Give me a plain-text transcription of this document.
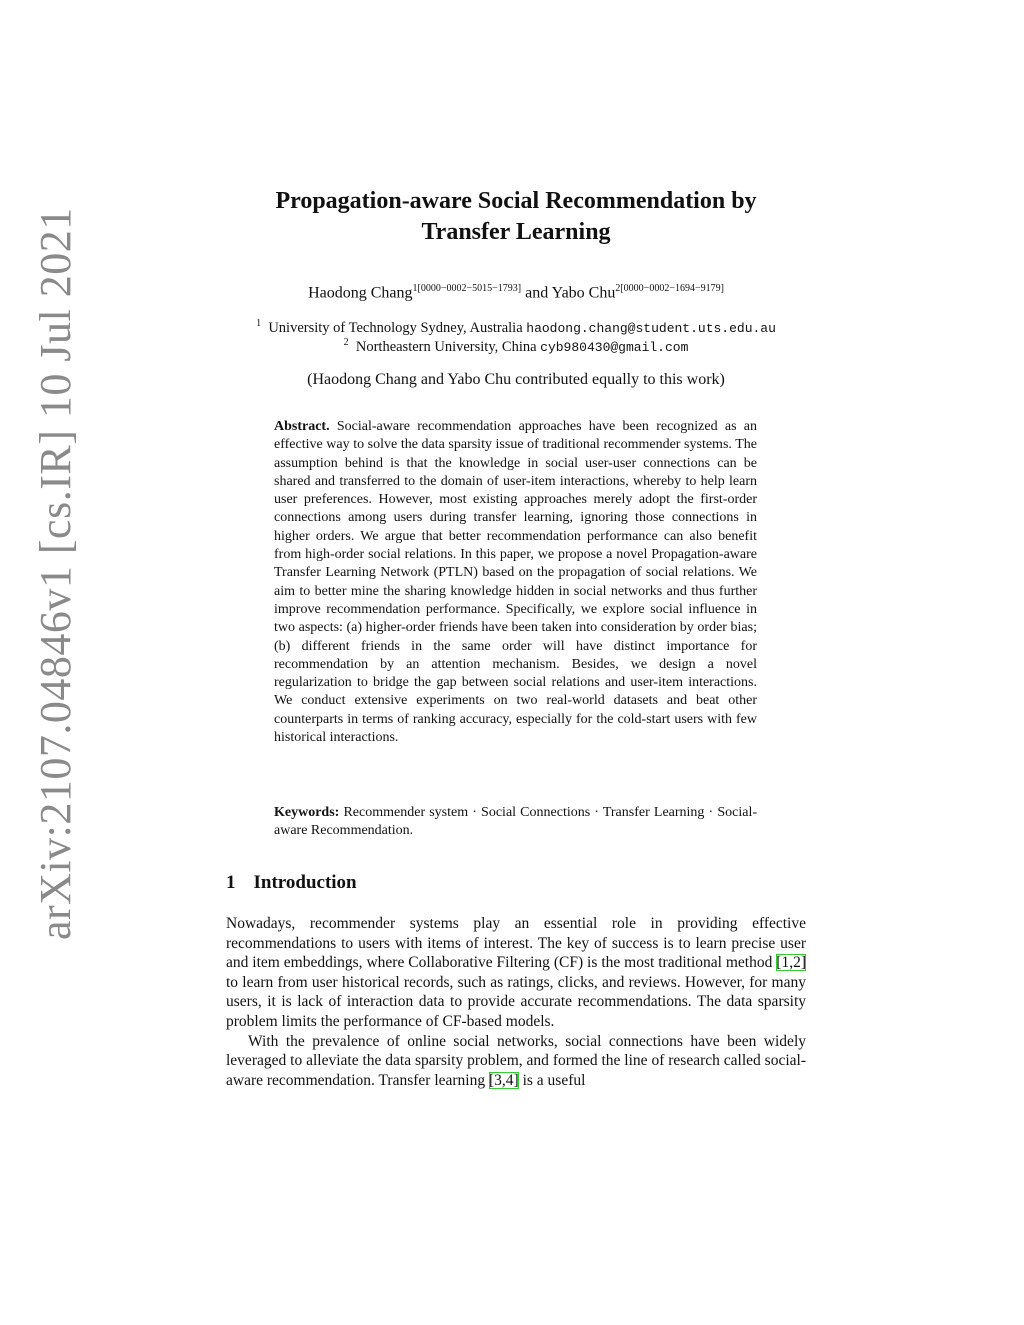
arXiv:2107.04846v1 [cs.IR] 10 Jul 2021
Propagation-aware Social Recommendation by
Transfer Learning
Haodong Chang$^{1[0000-0002-5015-1793]}$ and Yabo Chu$^{2[0000-0002-1694-9179]}$
$^1$ University of Technology Sydney, Australia haodong.chang@student.uts.edu.au
$^2$ Northeastern University, China cyb980430@gmail.com
(Haodong Chang and Yabo Chu contributed equally to this work)
Abstract. Social-aware recommendation approaches have been recognized as an effective way to solve the data sparsity issue of traditional recommender systems. The assumption behind is that the knowledge in social user-user connections can be shared and transferred to the domain of user-item interactions, whereby to help learn user preferences. However, most existing approaches merely adopt the first-order connections among users during transfer learning, ignoring those connections in higher orders. We argue that better recommendation performance can also benefit from high-order social relations. In this paper, we propose a novel Propagation-aware Transfer Learning Network (PTLN) based on the propagation of social relations. We aim to better mine the sharing knowledge hidden in social networks and thus further improve recommendation performance. Specifically, we explore social influence in two aspects: (a) higher-order friends have been taken into consideration by order bias; (b) different friends in the same order will have distinct importance for recommendation by an attention mechanism. Besides, we design a novel regularization to bridge the gap between social relations and user-item interactions. We conduct extensive experiments on two real-world datasets and beat other counterparts in terms of ranking accuracy, especially for the cold-start users with few historical interactions.
Keywords: Recommender system · Social Connections · Transfer Learning · Social-aware Recommendation.
1 Introduction

Nowadays, recommender systems play an essential role in providing effective recommendations to users with items of interest. The key of success is to learn precise user and item embeddings, where Collaborative Filtering (CF) is the most traditional method [1,2] to learn from user historical records, such as ratings, clicks, and reviews. However, for many users, it is lack of interaction data to provide accurate recommendations. The data sparsity problem limits the performance of CF-based models.

With the prevalence of online social networks, social connections have been widely leveraged to alleviate the data sparsity problem, and formed the line of research called social-aware recommendation. Transfer learning [3,4] is a useful
